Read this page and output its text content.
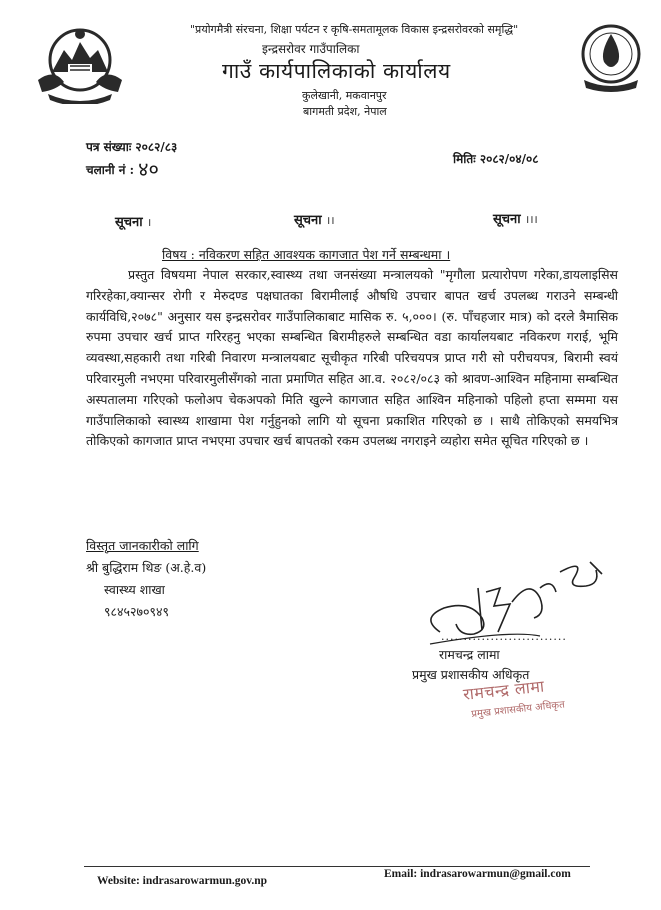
"प्रयोगमैत्री संरचना, शिक्षा पर्यटन र कृषि-समतामूलक विकास इन्द्रसरोवरको समृद्धि"
इन्द्रसरोवर गाउँपालिका
गाउँ कार्यपालिकाको कार्यालय
कुलेखानी, मकवानपुर
बागमती प्रदेश, नेपाल
पत्र संख्याः २०८२/८३
चलानी नं : ४०	मितिः २०८२/०४/०८
सूचना ।	सूचना ।।	सूचना ।।।
विषय : नविकरण सहित आवश्यक कागजात पेश गर्ने सम्बन्धमा ।
प्रस्तुत विषयमा नेपाल सरकार,स्वास्थ्य तथा जनसंख्या मन्त्रालयको "मृगौला प्रत्यारोपण गरेका,डायलाइसिस गरिरहेका,क्यान्सर रोगी र मेरुदण्ड पक्षघातका बिरामीलाई औषधि उपचार बापत खर्च उपलब्ध गराउने सम्बन्धी कार्यविधि,२०७८" अनुसार यस इन्द्रसरोवर गाउँपालिकाबाट मासिक रु. ५,०००। (रु. पाँचहजार मात्र) को दरले त्रैमासिक रुपमा उपचार खर्च प्राप्त गरिरहनु भएका सम्बन्धित बिरामीहरुले सम्बन्धित वडा कार्यालयबाट नविकरण गराई, भूमि व्यवस्था,सहकारी तथा गरिबी निवारण मन्त्रालयबाट सूचीकृत गरिबी परिचयपत्र प्राप्त गरी सो परीचयपत्र, बिरामी स्वयं परिवारमुली नभएमा परिवारमुलीसँगको नाता प्रमाणित सहित आ.व. २०८२/०८३ को श्रावण-आश्विन महिनामा सम्बन्धित अस्पतालमा गरिएको फलोअप चेकअपको मिति खुल्ने कागजात सहित आश्विन महिनाको पहिलो हप्ता सम्ममा यस गाउँपालिकाको स्वास्थ्य शाखामा पेश गर्नुहुनको लागि यो सूचना प्रकाशित गरिएको छ । साथै तोकिएको समयभित्र तोकिएको कागजात प्राप्त नभएमा उपचार खर्च बापतको रकम उपलब्ध नगराइने व्यहोरा समेत सूचित गरिएको छ ।
विस्तृत जानकारीको लागि
श्री बुद्धिराम थिङ (अ.हे.व)
स्वास्थ्य शाखा
९८४५२७०९४९
............................
रामचन्द्र लामा
प्रमुख प्रशासकीय अधिकृत
रामचन्द्र लामा
प्रमुख प्रशासकीय अधिकृत
Email: indrasarowarmun@gmail.com
Website: indrasarowarmun.gov.np
